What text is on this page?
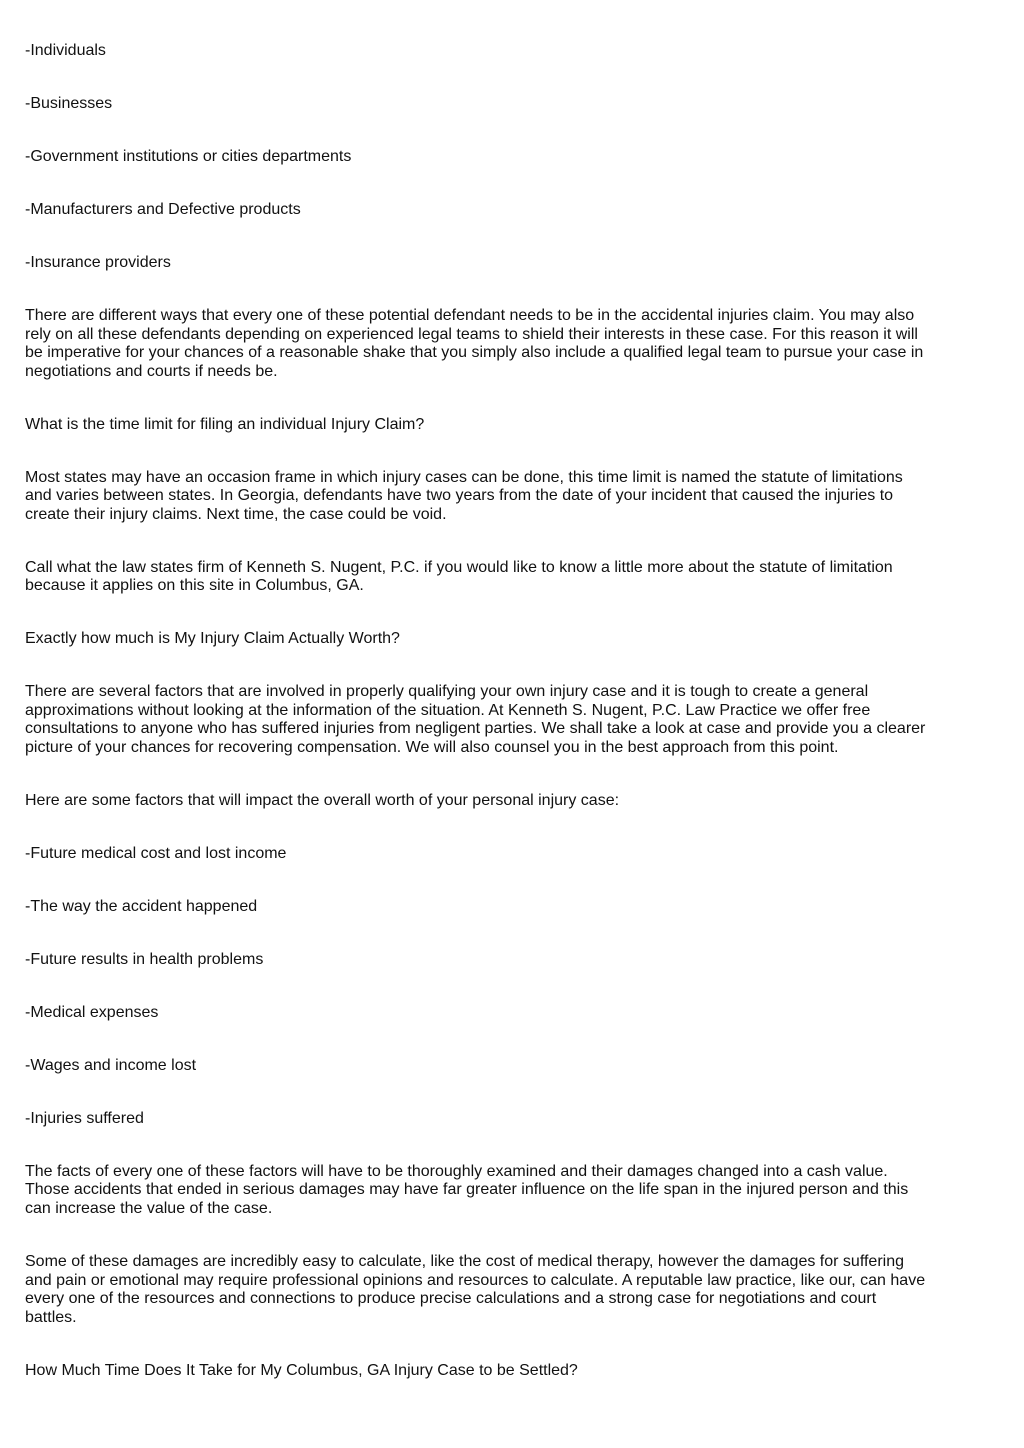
-Individuals

-Businesses

-Government institutions or cities departments

-Manufacturers and Defective products

-Insurance providers

There are different ways that every one of these potential defendant needs to be in the accidental injuries claim. You may also

rely on all these defendants depending on experienced legal teams to shield their interests in these case. For this reason it will

be imperative for your chances of a reasonable shake that you simply also include a qualified legal team to pursue your case in

negotiations and courts if needs be.

What is the time limit for filing an individual Injury Claim?

Most states may have an occasion frame in which injury cases can be done, this time limit is named the statute of limitations

and varies between states. In Georgia, defendants have two years from the date of your incident that caused the injuries to

create their injury claims. Next time, the case could be void.

Call what the law states firm of Kenneth S. Nugent, P.C. if you would like to know a little more about the statute of limitation

because it applies on this site in Columbus, GA.

Exactly how much is My Injury Claim Actually Worth?

There are several factors that are involved in properly qualifying your own injury case and it is tough to create a general

approximations without looking at the information of the situation. At Kenneth S. Nugent, P.C. Law Practice we offer free

consultations to anyone who has suffered injuries from negligent parties. We shall take a look at case and provide you a clearer

picture of your chances for recovering compensation. We will also counsel you in the best approach from this point.

Here are some factors that will impact the overall worth of your personal injury case:

-Future medical cost and lost income

-The way the accident happened

-Future results in health problems

-Medical expenses

-Wages and income lost

-Injuries suffered

The facts of every one of these factors will have to be thoroughly examined and their damages changed into a cash value.

Those accidents that ended in serious damages may have far greater influence on the life span in the injured person and this

can increase the value of the case.

Some of these damages are incredibly easy to calculate, like the cost of medical therapy, however the damages for suffering

and pain or emotional may require professional opinions and resources to calculate. A reputable law practice, like our, can have

every one of the resources and connections to produce precise calculations and a strong case for negotiations and court

battles.

How Much Time Does It Take for My Columbus, GA Injury Case to be Settled?
